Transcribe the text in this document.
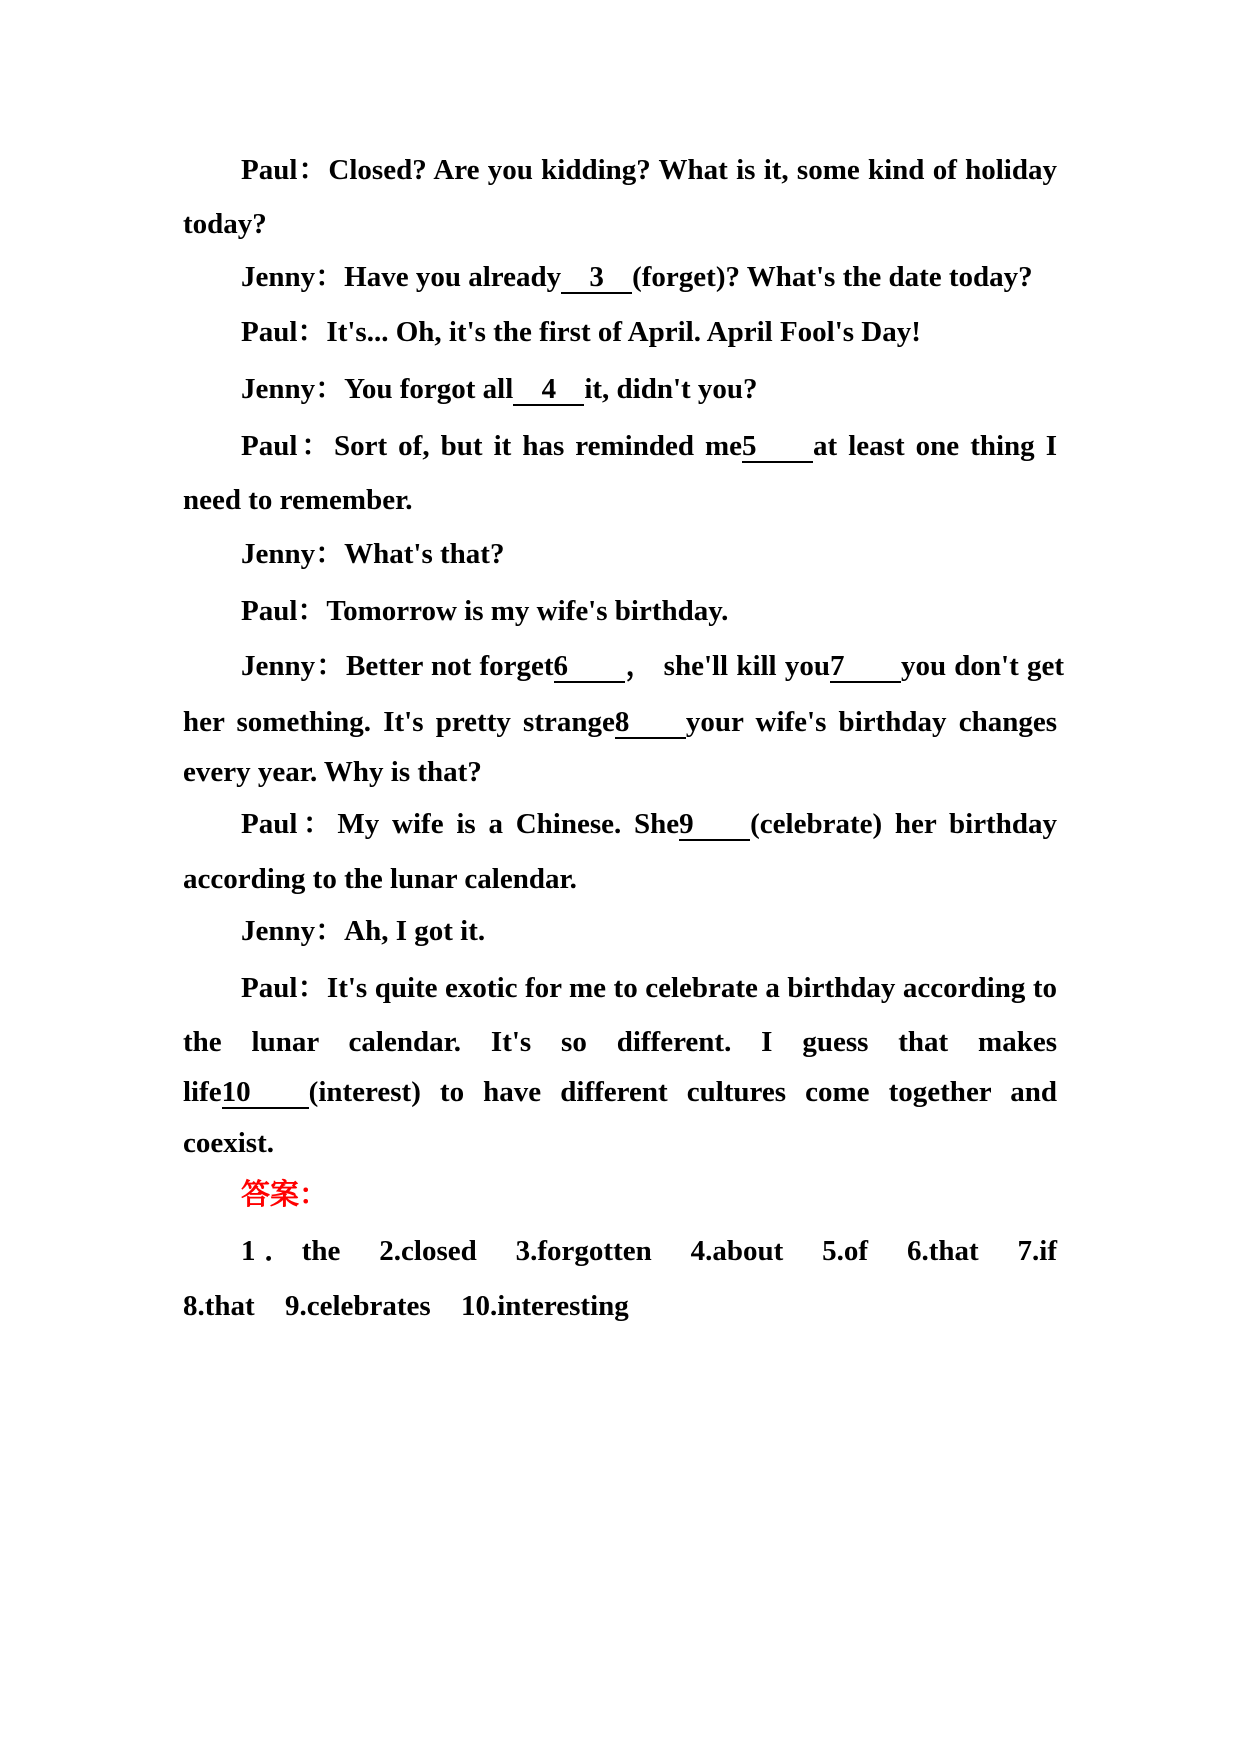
Paul：Closed? Are you kidding? What is it, some kind of holiday
today?
Jenny：Have you already 3 (forget)? What's the date today?
Paul：It's... Oh, it's the first of April. April Fool's Day!
Jenny：You forgot all 4 it, didn't you?
Paul：Sort of, but it has reminded me5 at least one thing I
need to remember.
Jenny：What's that?
Paul：Tomorrow is my wife's birthday.
Jenny：Better not forget6 ， she'll kill you7 you don't get
her something. It's pretty strange8 your wife's birthday changes
every year. Why is that?
Paul：My wife is a Chinese. She9 (celebrate) her birthday
according to the lunar calendar.
Jenny：Ah, I got it.
Paul：It's quite exotic for me to celebrate a birthday according to
the lunar calendar. It's so different. I guess that makes
life10 (interest) to have different cultures come together and
coexist.
答案：
1．the 2.closed 3.forgotten 4.about 5.of 6.that 7.if
8.that 9.celebrates 10.interesting
